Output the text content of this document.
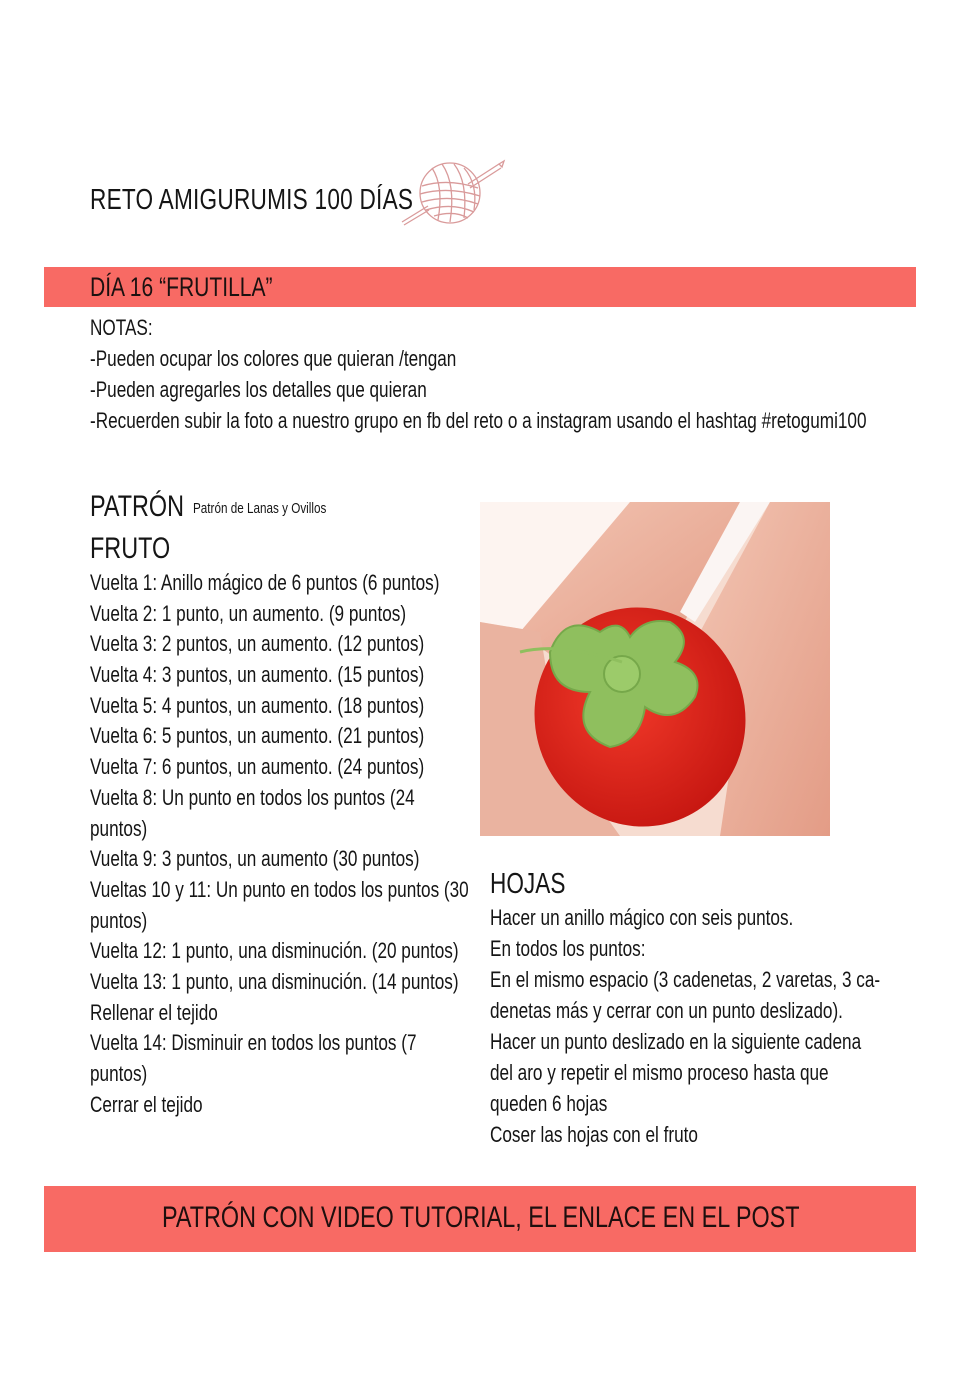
RETO AMIGURUMIS 100 DÍAS
DÍA 16 “FRUTILLA”
NOTAS:
-Pueden ocupar los colores que quieran /tengan
-Pueden agregarles los detalles que quieran
-Recuerden subir la foto a nuestro grupo en fb del reto o a instagram usando el hashtag #retogumi100
PATRÓN Patrón de Lanas y Ovillos
FRUTO
Vuelta 1: Anillo mágico de 6 puntos (6 puntos)
Vuelta 2: 1 punto, un aumento. (9 puntos)
Vuelta 3: 2 puntos, un aumento. (12 puntos)
Vuelta 4: 3 puntos, un aumento. (15 puntos)
Vuelta 5: 4 puntos, un aumento. (18 puntos)
Vuelta 6: 5 puntos, un aumento. (21 puntos)
Vuelta 7: 6 puntos, un aumento. (24 puntos)
Vuelta 8: Un punto en todos los puntos (24
puntos)
Vuelta 9: 3 puntos, un aumento (30 puntos)
Vueltas 10 y 11: Un punto en todos los puntos (30
puntos)
Vuelta 12: 1 punto, una disminución. (20 puntos)
Vuelta 13: 1 punto, una disminución. (14 puntos)
Rellenar el tejido
Vuelta 14: Disminuir en todos los puntos (7
puntos)
Cerrar el tejido
HOJAS
Hacer un anillo mágico con seis puntos.
En todos los puntos:
En el mismo espacio (3 cadenetas, 2 varetas, 3 ca-
denetas más y cerrar con un punto deslizado).
Hacer un punto deslizado en la siguiente cadena
del aro y repetir el mismo proceso hasta que
queden 6 hojas
Coser las hojas con el fruto
PATRÓN CON VIDEO TUTORIAL, EL ENLACE EN EL POST
